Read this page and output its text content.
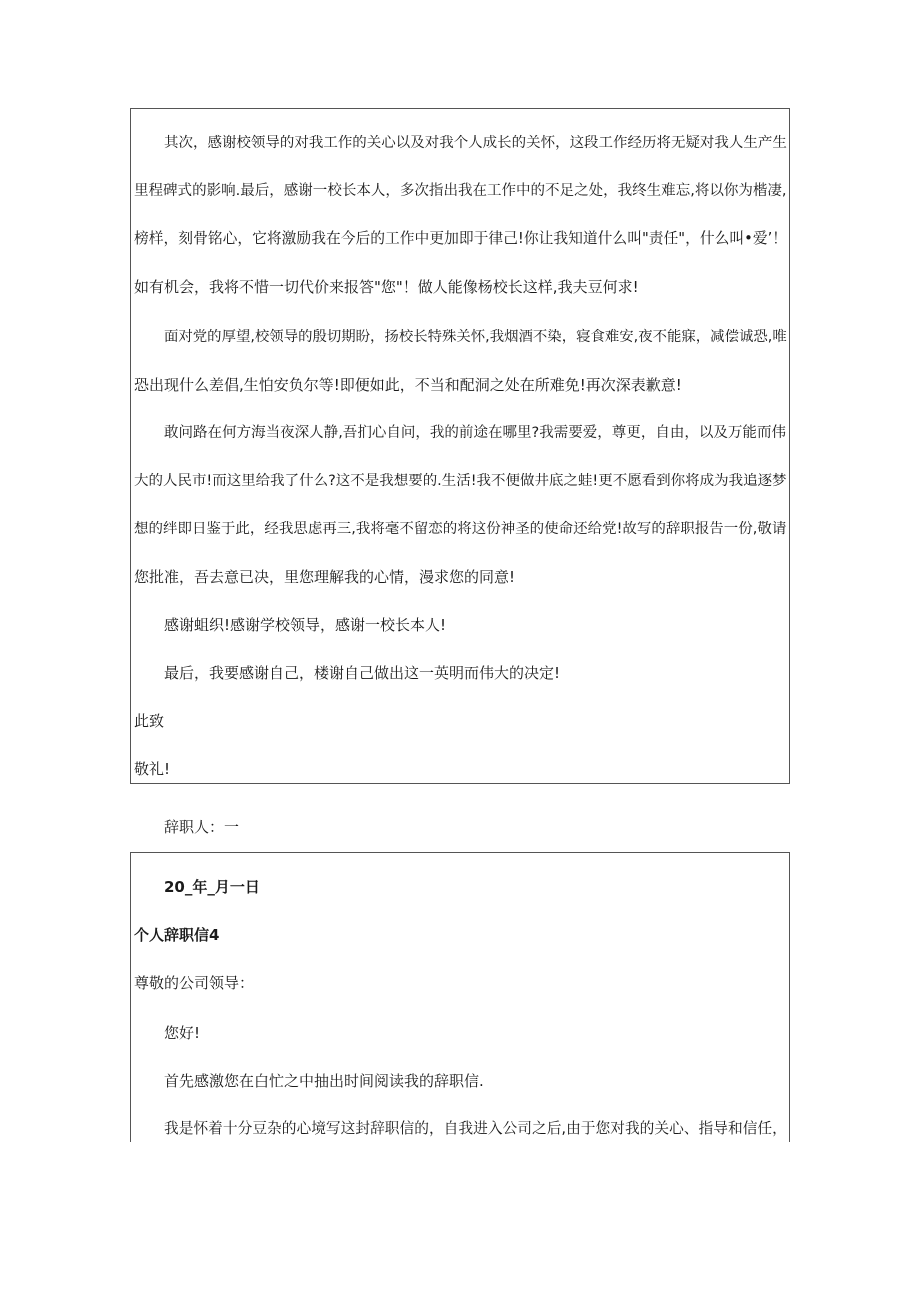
其次，感谢校领导的对我工作的关心以及对我个人成长的关怀，这段工作经历将无疑对我人生产生
里程碑式的影响.最后，感谢一校长本人，多次指出我在工作中的不足之处，我终生难忘,将以你为楷凄,
榜样，刻骨铭心，它将激励我在今后的工作中更加即于律己!你让我知道什么叫"责任"，什么叫•爱’！
如有机会，我将不惜一切代价来报答"您"！做人能像杨校长这样,我夫豆何求!
面对党的厚望,校领导的殷切期盼，扬校长特殊关怀,我烟酒不染，寝食难安,夜不能寐，减偿诚恐,唯
恐出现什么差倡,生怕安负尔等!即便如此，不当和配洞之处在所难免!再次深表歉意!
敢问路在何方海当夜深人静,吾扪心自问，我的前途在哪里?我需要爱，尊更，自由，以及万能而伟
大的人民市!而这里给我了什么?这不是我想要的.生活!我不便做井底之蛙!更不愿看到你将成为我追逐梦
想的绊即日鉴于此，经我思虑再三,我将毫不留恋的将这份神圣的使命还给党!故写的辞职报告一份,敬请
您批准，吾去意已决，里您理解我的心情，漫求您的同意!
感谢蛆织!感谢学校领导，感谢一校长本人!
最后，我要感谢自己，楼谢自己做出这一英明而伟大的决定!
此致
敬礼!
辞职人：一
20_年_月一日
个人辞职信4
尊敬的公司领导：
您好!
首先感激您在白忙之中抽出时间阅读我的辞职信.
我是怀着十分豆杂的心境写这封辞职信的，自我进入公司之后,由于您对我的关心、指导和信任，
